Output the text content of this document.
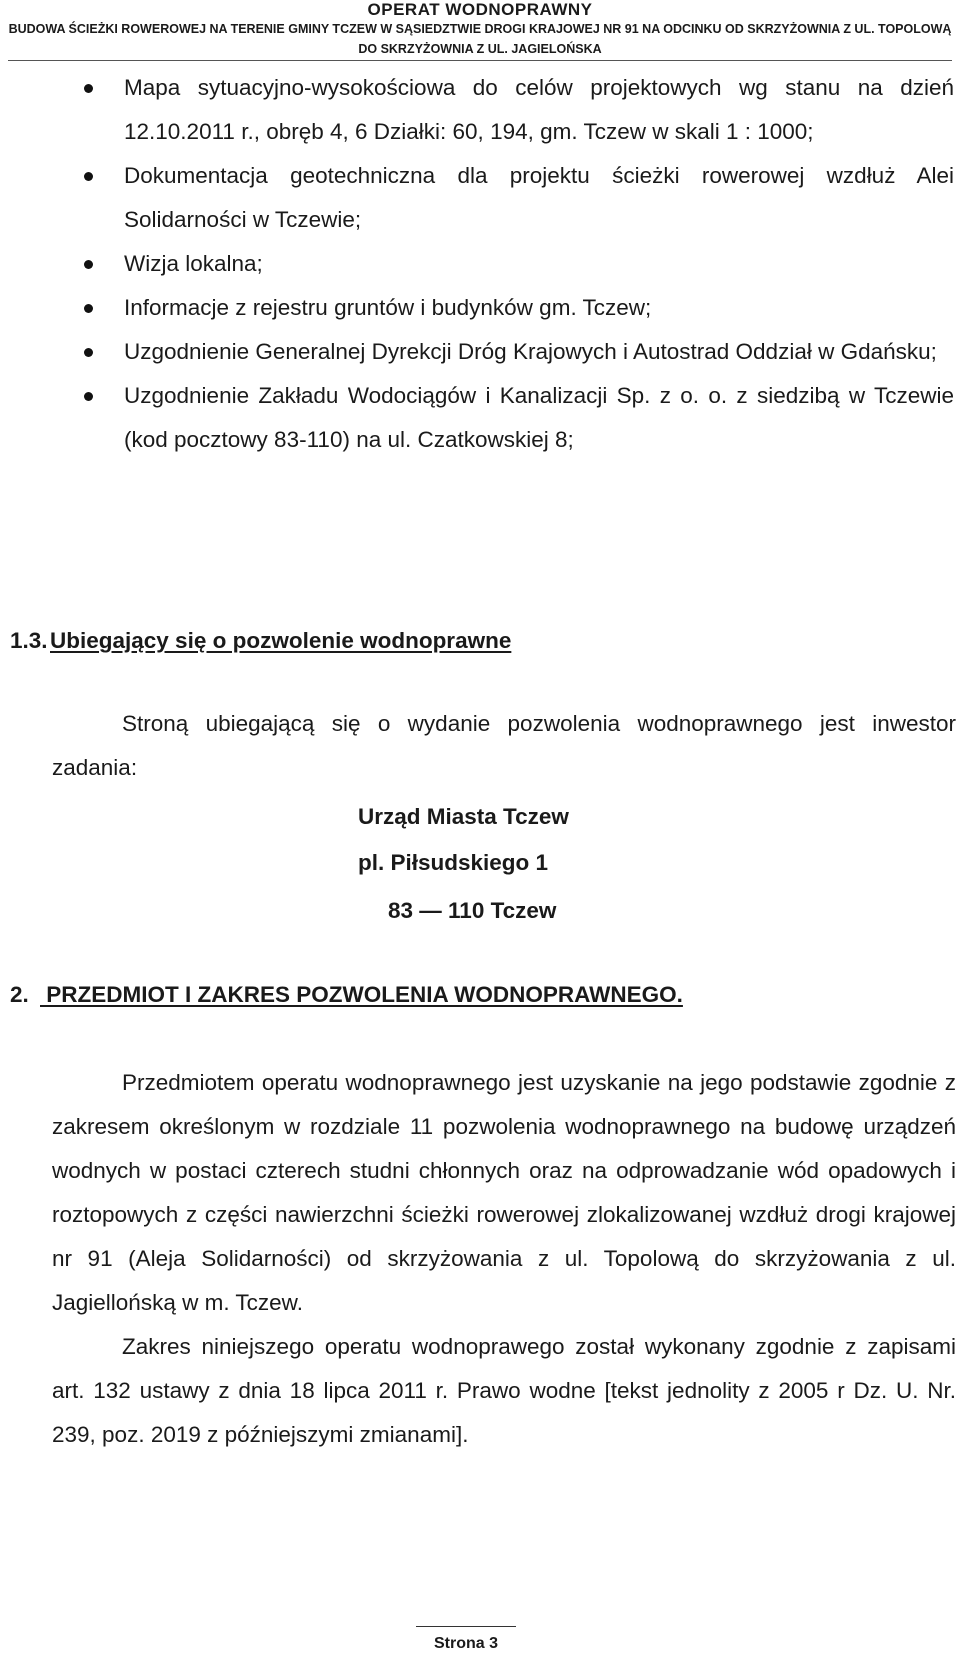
OPERAT WODNOPRAWNY
BUDOWA ŚCIEŻKI ROWEROWEJ NA TERENIE GMINY TCZEW W SĄSIEDZTWIE DROGI KRAJOWEJ NR 91 NA ODCINKU OD SKRZYŻOWNIA Z UL. TOPOLOWĄ DO SKRZYŻOWNIA Z UL. JAGIELOŃSKA
Mapa sytuacyjno-wysokościowa do celów projektowych wg stanu na dzień 12.10.2011 r., obręb 4, 6 Działki: 60, 194, gm. Tczew w skali 1 : 1000;
Dokumentacja geotechniczna dla projektu ścieżki rowerowej wzdłuż Alei Solidarności w Tczewie;
Wizja lokalna;
Informacje z rejestru gruntów i budynków gm. Tczew;
Uzgodnienie Generalnej Dyrekcji Dróg Krajowych i Autostrad Oddział w Gdańsku;
Uzgodnienie Zakładu Wodociągów i Kanalizacji Sp. z o. o. z siedzibą w Tczewie (kod pocztowy 83-110) na ul. Czatkowskiej 8;
1.3. Ubiegający się o pozwolenie wodnoprawne

Stroną ubiegającą się o wydanie pozwolenia wodnoprawnego jest inwestor zadania:

Urząd Miasta Tczew
pl. Piłsudskiego 1
83 — 110 Tczew
2. PRZEDMIOT I ZAKRES POZWOLENIA WODNOPRAWNEGO.

Przedmiotem operatu wodnoprawnego jest uzyskanie na jego podstawie zgodnie z zakresem określonym w rozdziale 11 pozwolenia wodnoprawnego na budowę urządzeń wodnych w postaci czterech studni chłonnych oraz na odprowadzanie wód opadowych i roztopowych z części nawierzchni ścieżki rowerowej zlokalizowanej wzdłuż drogi krajowej nr 91 (Aleja Solidarności) od skrzyżowania z ul. Topolową do skrzyżowania z ul. Jagiellońską w m. Tczew.

Zakres niniejszego operatu wodnoprawego został wykonany zgodnie z zapisami art. 132 ustawy z dnia 18 lipca 2011 r. Prawo wodne [tekst jednolity z 2005 r Dz. U. Nr. 239, poz. 2019 z późniejszymi zmianami].

Strona 3
